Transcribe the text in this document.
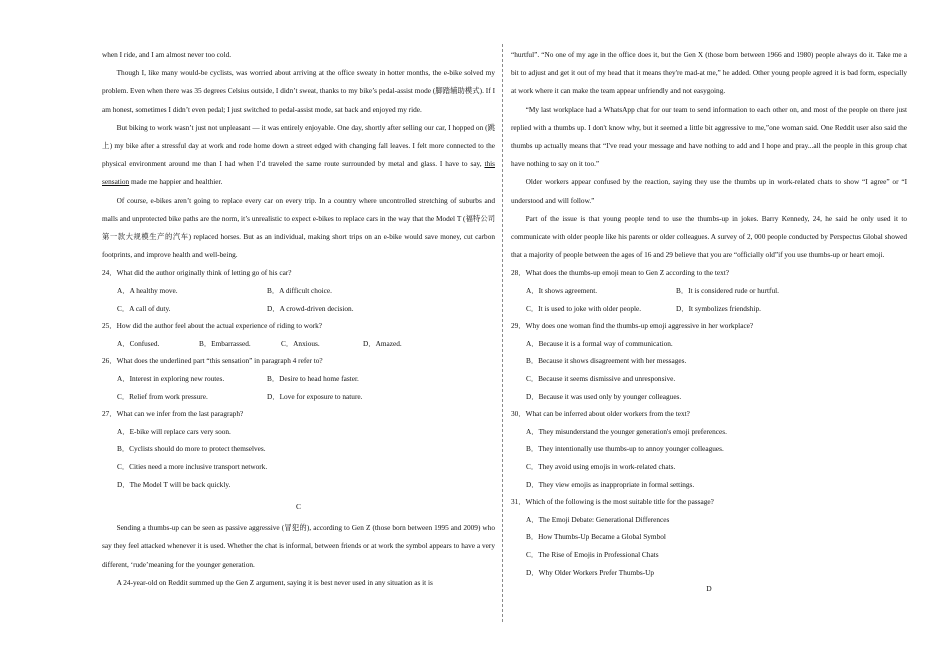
when I ride, and I am almost never too cold.

Though I, like many would-be cyclists, was worried about arriving at the office sweaty in hotter months, the e-bike solved my problem. Even when there was 35 degrees Celsius outside, I didn’t sweat, thanks to my bike’s pedal-assist mode (脚踏辅助模式). If I am honest, sometimes I didn’t even pedal; I just switched to pedal-assist mode, sat back and enjoyed my ride.

But biking to work wasn’t just not unpleasant — it was entirely enjoyable. One day, shortly after selling our car, I hopped on (跳上) my bike after a stressful day at work and rode home down a street edged with changing fall leaves. I felt more connected to the physical environment around me than I had when I’d traveled the same route surrounded by metal and glass. I have to say, this sensation made me happier and healthier.

Of course, e-bikes aren’t going to replace every car on every trip. In a country where uncontrolled stretching of suburbs and malls and unprotected bike paths are the norm, it’s unrealistic to expect e-bikes to replace cars in the way that the Model T (福特公司第一款大规模生产的汽车) replaced horses. But as an individual, making short trips on an e-bike would save money, cut carbon footprints, and improve health and well-being.

24．What did the author originally think of letting go of his car?
A．A healthy move.	B．A difficult choice.
C．A call of duty.	D．A crowd-driven decision.
25．How did the author feel about the actual experience of riding to work?
A．Confused.	B．Embarrassed.	C．Anxious.	D．Amazed.
26．What does the underlined part “this sensation” in paragraph 4 refer to?
A．Interest in exploring new routes.	B．Desire to head home faster.
C．Relief from work pressure.	D．Love for exposure to nature.
27．What can we infer from the last paragraph?
A．E-bike will replace cars very soon.
B．Cyclists should do more to protect themselves.
C．Cities need a more inclusive transport network.
D．The Model T will be back quickly.
C

Sending a thumbs-up can be seen as passive aggressive (冒犯的), according to Gen Z (those born between 1995 and 2009) who say they feel attacked whenever it is used. Whether the chat is informal, between friends or at work the symbol appears to have a very different, ‘rude’meaning for the younger generation.

A 24-year-old on Reddit summed up the Gen Z argument, saying it is best never used in any situation as it is

“hurtful”. “No one of my age in the office does it, but the Gen X (those born between 1966 and 1980) people always do it. Take me a bit to adjust and get it out of my head that it means they're mad-at me,” he added. Other young people agreed it is bad form, especially at work where it can make the team appear unfriendly and not easygoing.

“My last workplace had a WhatsApp chat for our team to send information to each other on, and most of the people on there just replied with a thumbs up. I don't know why, but it seemed a little bit aggressive to me,”one woman said. One Reddit user also said the thumbs up actually means that “I've read your message and have nothing to add and I hope and pray...all the people in this group chat have nothing to say on it too.”

Older workers appear confused by the reaction, saying they use the thumbs up in work-related chats to show “I agree” or “I understood and will follow.”

Part of the issue is that young people tend to use the thumbs-up in jokes. Barry Kennedy, 24, he said he only used it to communicate with older people like his parents or older colleagues. A survey of 2, 000 people conducted by Perspectus Global showed that a majority of people between the ages of 16 and 29 believe that you are “officially old”if you use thumbs-up or heart emoji.

28．What does the thumbs-up emoji mean to Gen Z according to the text?
A．It shows agreement.	B．It is considered rude or hurtful.
C．It is used to joke with older people.	D．It symbolizes friendship.
29．Why does one woman find the thumbs-up emoji aggressive in her workplace?
A．Because it is a formal way of communication.
B．Because it shows disagreement with her messages.
C．Because it seems dismissive and unresponsive.
D．Because it was used only by younger colleagues.
30．What can be inferred about older workers from the text?
A．They misunderstand the younger generation's emoji preferences.
B．They intentionally use thumbs-up to annoy younger colleagues.
C．They avoid using emojis in work-related chats.
D．They view emojis as inappropriate in formal settings.
31．Which of the following is the most suitable title for the passage?
A．The Emoji Debate: Generational Differences
B．How Thumbs-Up Became a Global Symbol
C．The Rise of Emojis in Professional Chats
D．Why Older Workers Prefer Thumbs-Up
D
